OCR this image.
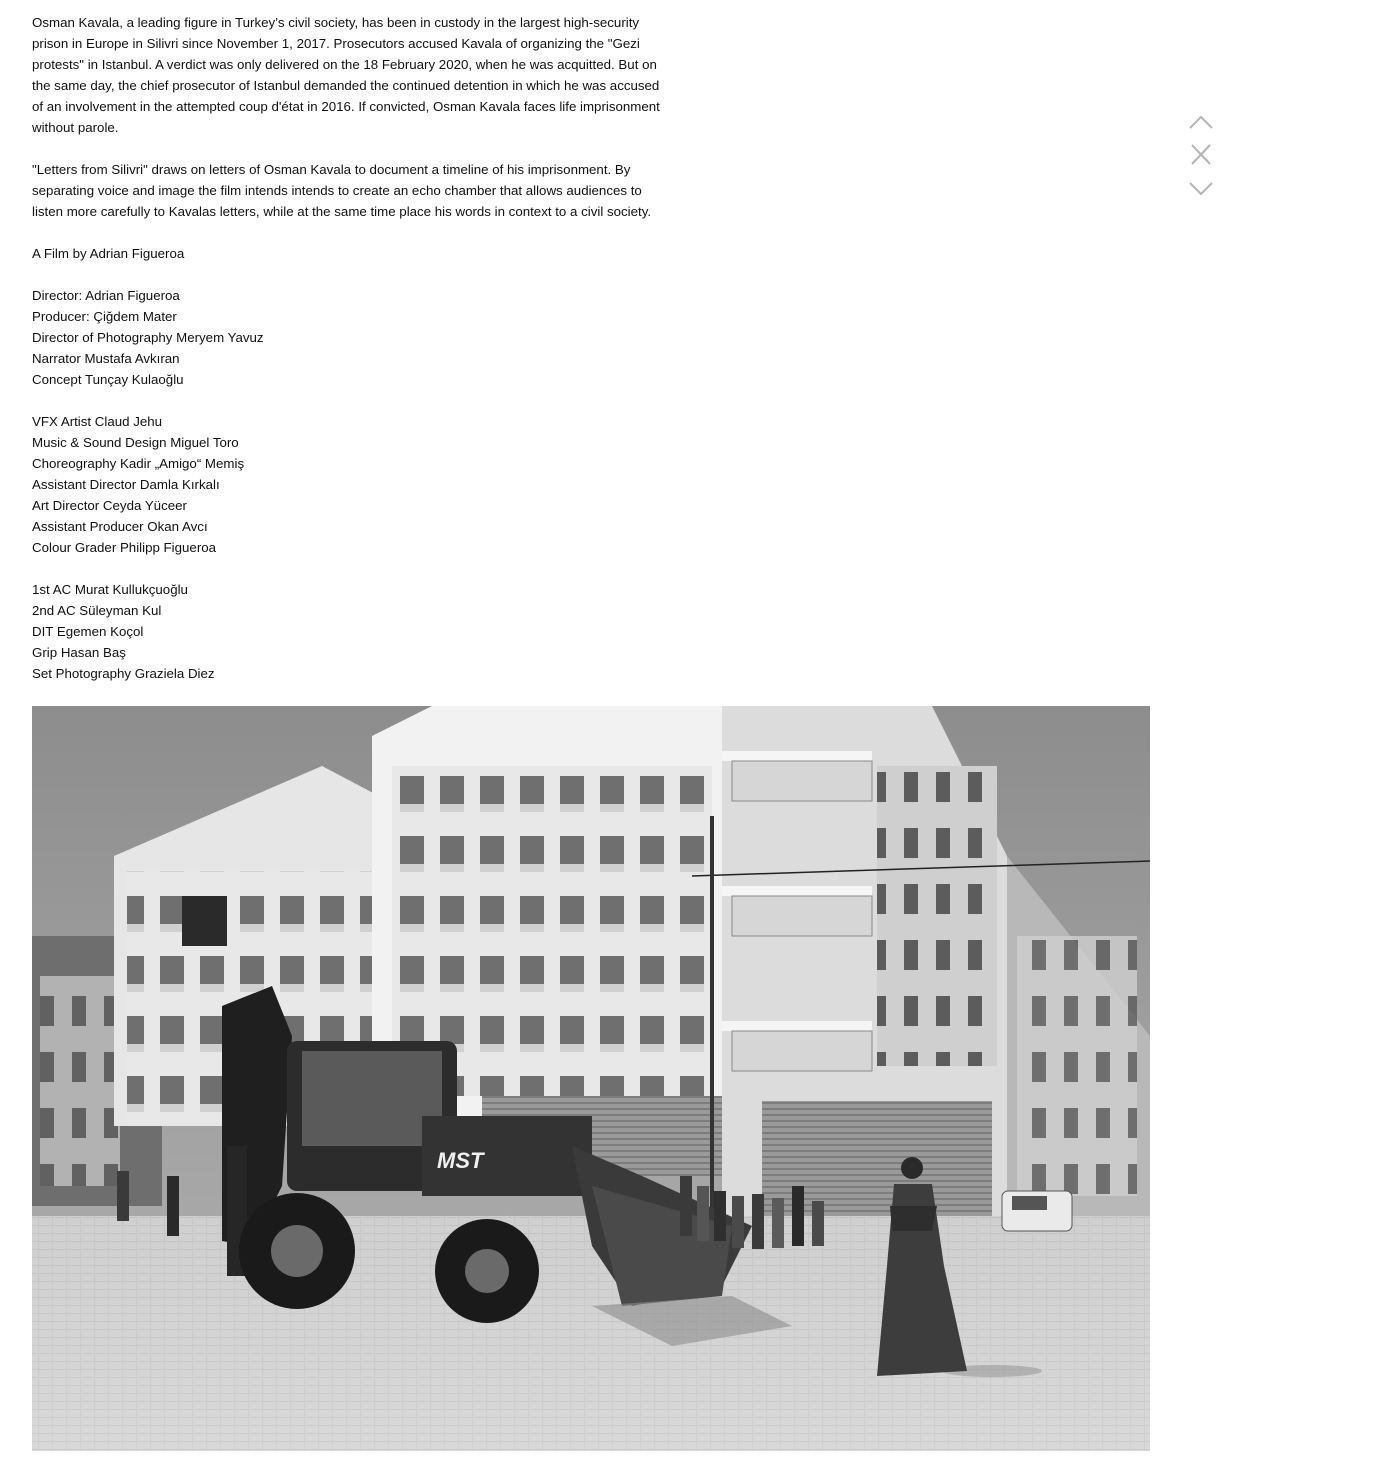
Osman Kavala, a leading figure in Turkey’s civil society, has been in custody in the largest high-security prison in Europe in Silivri since November 1, 2017. Prosecutors accused Kavala of organizing the "Gezi protests" in Istanbul. A verdict was only delivered on the 18 February 2020, when he was acquitted. But on the same day, the chief prosecutor of Istanbul demanded the continued detention in which he was accused of an involvement in the attempted coup d'état in 2016. If convicted, Osman Kavala faces life imprisonment without parole.

"Letters from Silivri" draws on letters of Osman Kavala to document a timeline of his imprisonment. By separating voice and image the film intends intends to create an echo chamber that allows audiences to listen more carefully to Kavalas letters, while at the same time place his words in context to a civil society.

A Film by Adrian Figueroa

Director: Adrian Figueroa
Producer: Çiğdem Mater
Director of Photography Meryem Yavuz
Narrator Mustafa Avkıran
Concept Tunçay Kulaoğlu
VFX Artist Claud Jehu
Music & Sound Design Miguel Toro
Choreography Kadir „Amigo“ Memiş
Assistant Director Damla Kırkalı
Art Director Ceyda Yüceer
Assistant Producer Okan Avcı
Colour Grader Philipp Figueroa
1st AC Murat Kullukçuoğlu
2nd AC Süleyman Kul
DIT Egemen Koçol
Grip Hasan Baş
Set Photography Graziela Diez
MST
